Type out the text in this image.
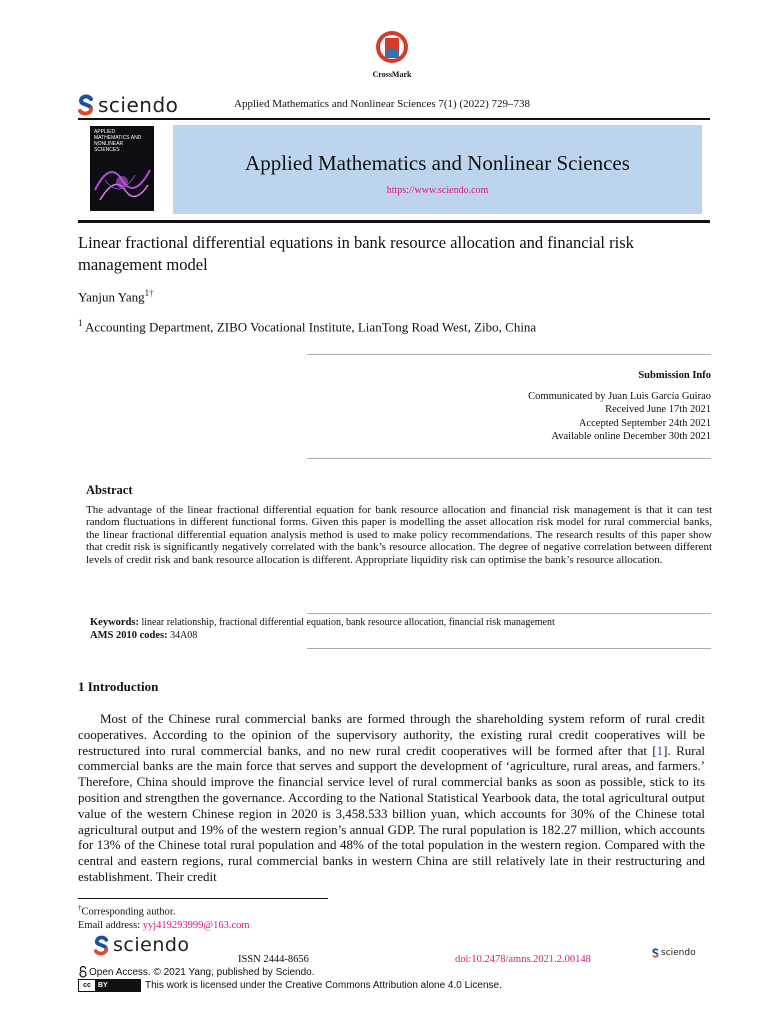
CrossMark
sciendo	Applied Mathematics and Nonlinear Sciences 7(1) (2022) 729–738
APPLIED MATHEMATICS AND NONLINEAR SCIENCES
Applied Mathematics and Nonlinear Sciences
https://www.sciendo.com
Linear fractional differential equations in bank resource allocation and financial risk management model
Yanjun Yang$^{1\dagger}$
$^1$ Accounting Department, ZIBO Vocational Institute, LianTong Road West, Zibo, China
Submission Info
Communicated by Juan Luis García Guirao
Received June 17th 2021
Accepted September 24th 2021
Available online December 30th 2021
Abstract
The advantage of the linear fractional differential equation for bank resource allocation and financial risk management is that it can test random fluctuations in different functional forms. Given this paper is modelling the asset allocation risk model for rural commercial banks, the linear fractional differential equation analysis method is used to make policy recommendations. The research results of this paper show that credit risk is significantly negatively correlated with the bank’s resource allocation. The degree of negative correlation between different levels of credit risk and bank resource allocation is different. Appropriate liquidity risk can optimise the bank’s resource allocation.
Keywords: linear relationship, fractional differential equation, bank resource allocation, financial risk management
AMS 2010 codes: 34A08
1 Introduction
Most of the Chinese rural commercial banks are formed through the shareholding system reform of rural credit cooperatives. According to the opinion of the supervisory authority, the existing rural credit cooperatives will be restructured into rural commercial banks, and no new rural credit cooperatives will be formed after that [1]. Rural commercial banks are the main force that serves and support the development of ‘agriculture, rural areas, and farmers.’ Therefore, China should improve the financial service level of rural commercial banks as soon as possible, stick to its position and strengthen the governance. According to the National Statistical Yearbook data, the total agricultural output value of the western Chinese region in 2020 is 3,458.533 billion yuan, which accounts for 30% of the Chinese total agricultural output and 19% of the western region’s annual GDP. The rural population is 182.27 million, which accounts for 13% of the Chinese total rural population and 48% of the total population in the western region. Compared with the central and eastern regions, rural commercial banks in western China are still relatively late in their restructuring and establishment. Their credit
†Corresponding author.
Email address: yyj419293999@163.com
sciendo
ISSN 2444-8656	doi:10.2478/amns.2021.2.00148
sciendo
Open Access. © 2021 Yang, published by Sciendo.
cc	BY	This work is licensed under the Creative Commons Attribution alone 4.0 License.
